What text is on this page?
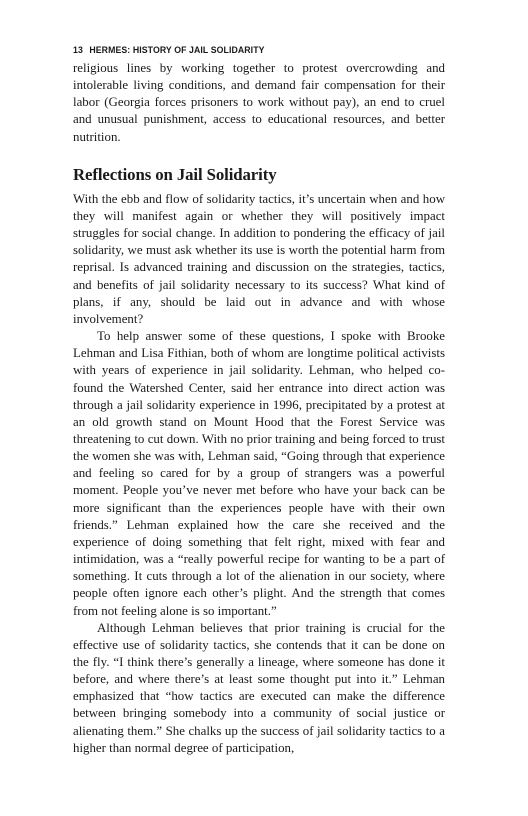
13 HERMES: HISTORY OF JAIL SOLIDARITY

religious lines by working together to protest overcrowding and intolerable living conditions, and demand fair compensation for their labor (Georgia forces prisoners to work without pay), an end to cruel and unusual punishment, access to educational resources, and better nutrition.

Reflections on Jail Solidarity

With the ebb and flow of solidarity tactics, it’s uncertain when and how they will manifest again or whether they will positively impact struggles for social change. In addition to pondering the efficacy of jail solidarity, we must ask whether its use is worth the potential harm from reprisal. Is advanced training and discussion on the strategies, tactics, and benefits of jail solidarity necessary to its success? What kind of plans, if any, should be laid out in advance and with whose involvement?

To help answer some of these questions, I spoke with Brooke Lehman and Lisa Fithian, both of whom are longtime political activists with years of experience in jail solidarity. Lehman, who helped co-found the Watershed Center, said her entrance into direct action was through a jail solidarity experience in 1996, precipitated by a protest at an old growth stand on Mount Hood that the Forest Service was threatening to cut down. With no prior training and being forced to trust the women she was with, Lehman said, “Going through that experience and feeling so cared for by a group of strangers was a powerful moment. People you’ve never met before who have your back can be more significant than the experiences people have with their own friends.” Lehman explained how the care she received and the experience of doing something that felt right, mixed with fear and intimidation, was a “really powerful recipe for wanting to be a part of something. It cuts through a lot of the alienation in our society, where people often ignore each other’s plight. And the strength that comes from not feeling alone is so important.”

Although Lehman believes that prior training is crucial for the effective use of solidarity tactics, she contends that it can be done on the fly. “I think there’s generally a lineage, where someone has done it before, and where there’s at least some thought put into it.” Lehman emphasized that “how tactics are executed can make the difference between bringing somebody into a community of social justice or alienating them.” She chalks up the success of jail solidarity tactics to a higher than normal degree of participation,
